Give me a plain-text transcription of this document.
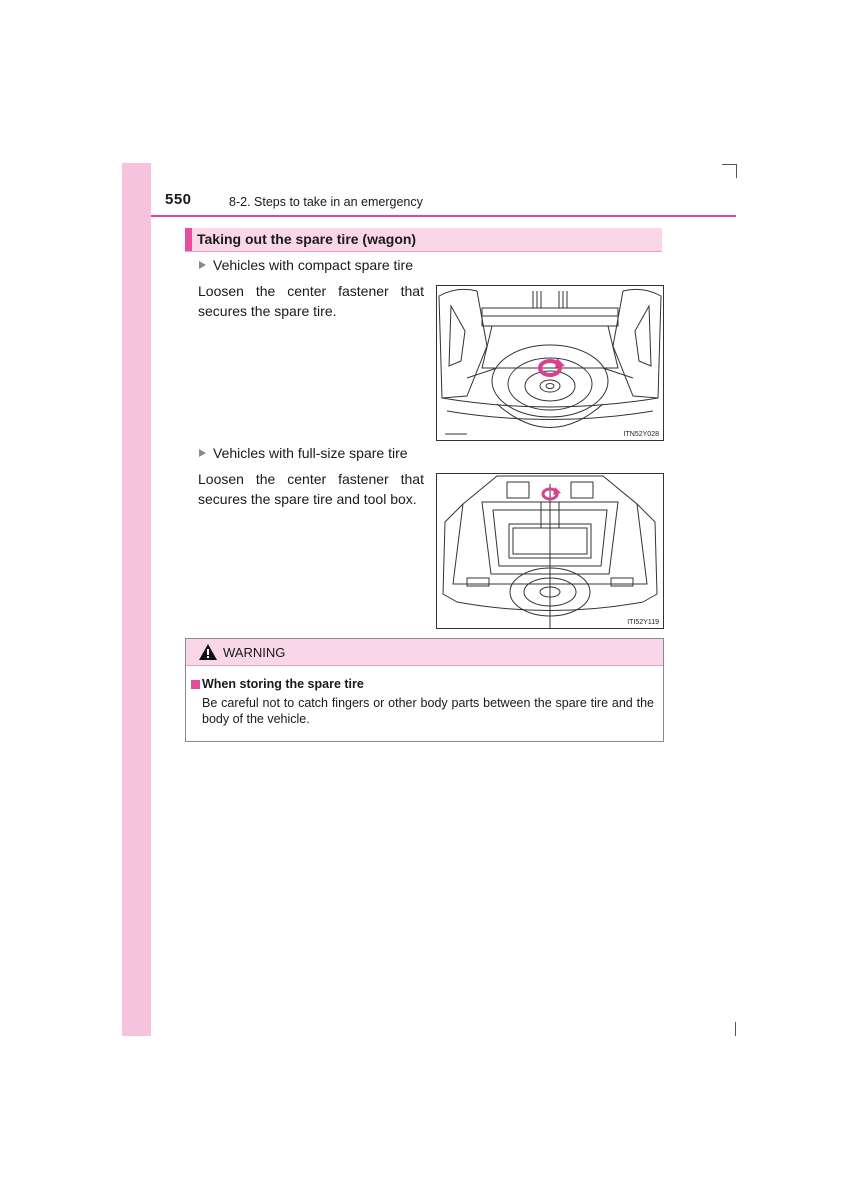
550	8-2. Steps to take in an emergency
Taking out the spare tire (wagon)
Vehicles with compact spare tire
Loosen the center fastener that secures the spare tire.
ITN52Y028
Vehicles with full-size spare tire
Loosen the center fastener that secures the spare tire and tool box.
ITI52Y119
WARNING
When storing the spare tire
Be careful not to catch fingers or other body parts between the spare tire and the body of the vehicle.
